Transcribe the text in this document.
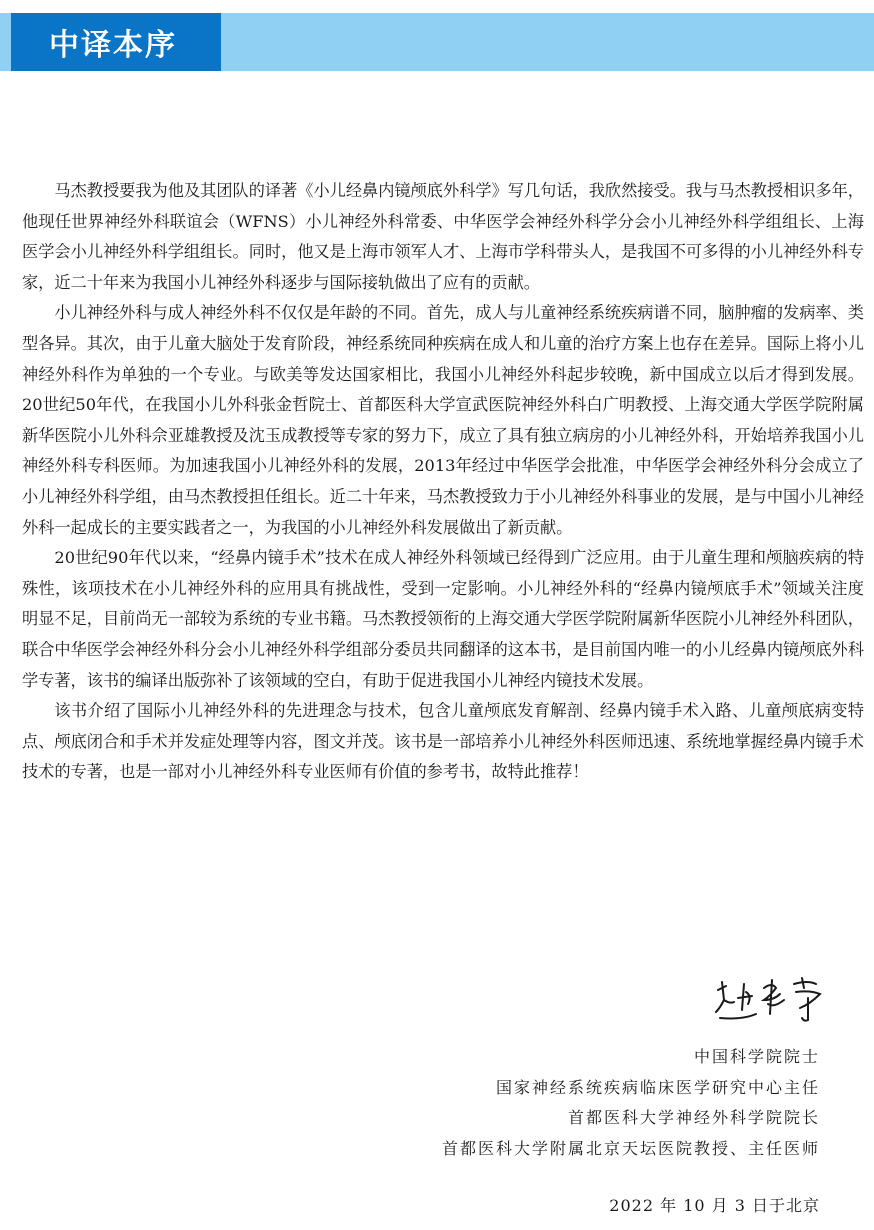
中译本序

马杰教授要我为他及其团队的译著《小儿经鼻内镜颅底外科学》写几句话，我欣然接受。我与马杰教授相识多年，他现任世界神经外科联谊会（WFNS）小儿神经外科常委、中华医学会神经外科学分会小儿神经外科学组组长、上海医学会小儿神经外科学组组长。同时，他又是上海市领军人才、上海市学科带头人，是我国不可多得的小儿神经外科专家，近二十年来为我国小儿神经外科逐步与国际接轨做出了应有的贡献。

小儿神经外科与成人神经外科不仅仅是年龄的不同。首先，成人与儿童神经系统疾病谱不同，脑肿瘤的发病率、类型各异。其次，由于儿童大脑处于发育阶段，神经系统同种疾病在成人和儿童的治疗方案上也存在差异。国际上将小儿神经外科作为单独的一个专业。与欧美等发达国家相比，我国小儿神经外科起步较晚，新中国成立以后才得到发展。20世纪50年代，在我国小儿外科张金哲院士、首都医科大学宣武医院神经外科白广明教授、上海交通大学医学院附属新华医院小儿外科佘亚雄教授及沈玉成教授等专家的努力下，成立了具有独立病房的小儿神经外科，开始培养我国小儿神经外科专科医师。为加速我国小儿神经外科的发展，2013年经过中华医学会批准，中华医学会神经外科分会成立了小儿神经外科学组，由马杰教授担任组长。近二十年来，马杰教授致力于小儿神经外科事业的发展，是与中国小儿神经外科一起成长的主要实践者之一，为我国的小儿神经外科发展做出了新贡献。

20世纪90年代以来，“经鼻内镜手术”技术在成人神经外科领域已经得到广泛应用。由于儿童生理和颅脑疾病的特殊性，该项技术在小儿神经外科的应用具有挑战性，受到一定影响。小儿神经外科的“经鼻内镜颅底手术”领域关注度明显不足，目前尚无一部较为系统的专业书籍。马杰教授领衔的上海交通大学医学院附属新华医院小儿神经外科团队，联合中华医学会神经外科分会小儿神经外科学组部分委员共同翻译的这本书，是目前国内唯一的小儿经鼻内镜颅底外科学专著，该书的编译出版弥补了该领域的空白，有助于促进我国小儿神经内镜技术发展。

该书介绍了国际小儿神经外科的先进理念与技术，包含儿童颅底发育解剖、经鼻内镜手术入路、儿童颅底病变特点、颅底闭合和手术并发症处理等内容，图文并茂。该书是一部培养小儿神经外科医师迅速、系统地掌握经鼻内镜手术技术的专著，也是一部对小儿神经外科专业医师有价值的参考书，故特此推荐！

中国科学院院士
国家神经系统疾病临床医学研究中心主任
首都医科大学神经外科学院院长
首都医科大学附属北京天坛医院教授、主任医师
2022 年 10 月 3 日于北京
